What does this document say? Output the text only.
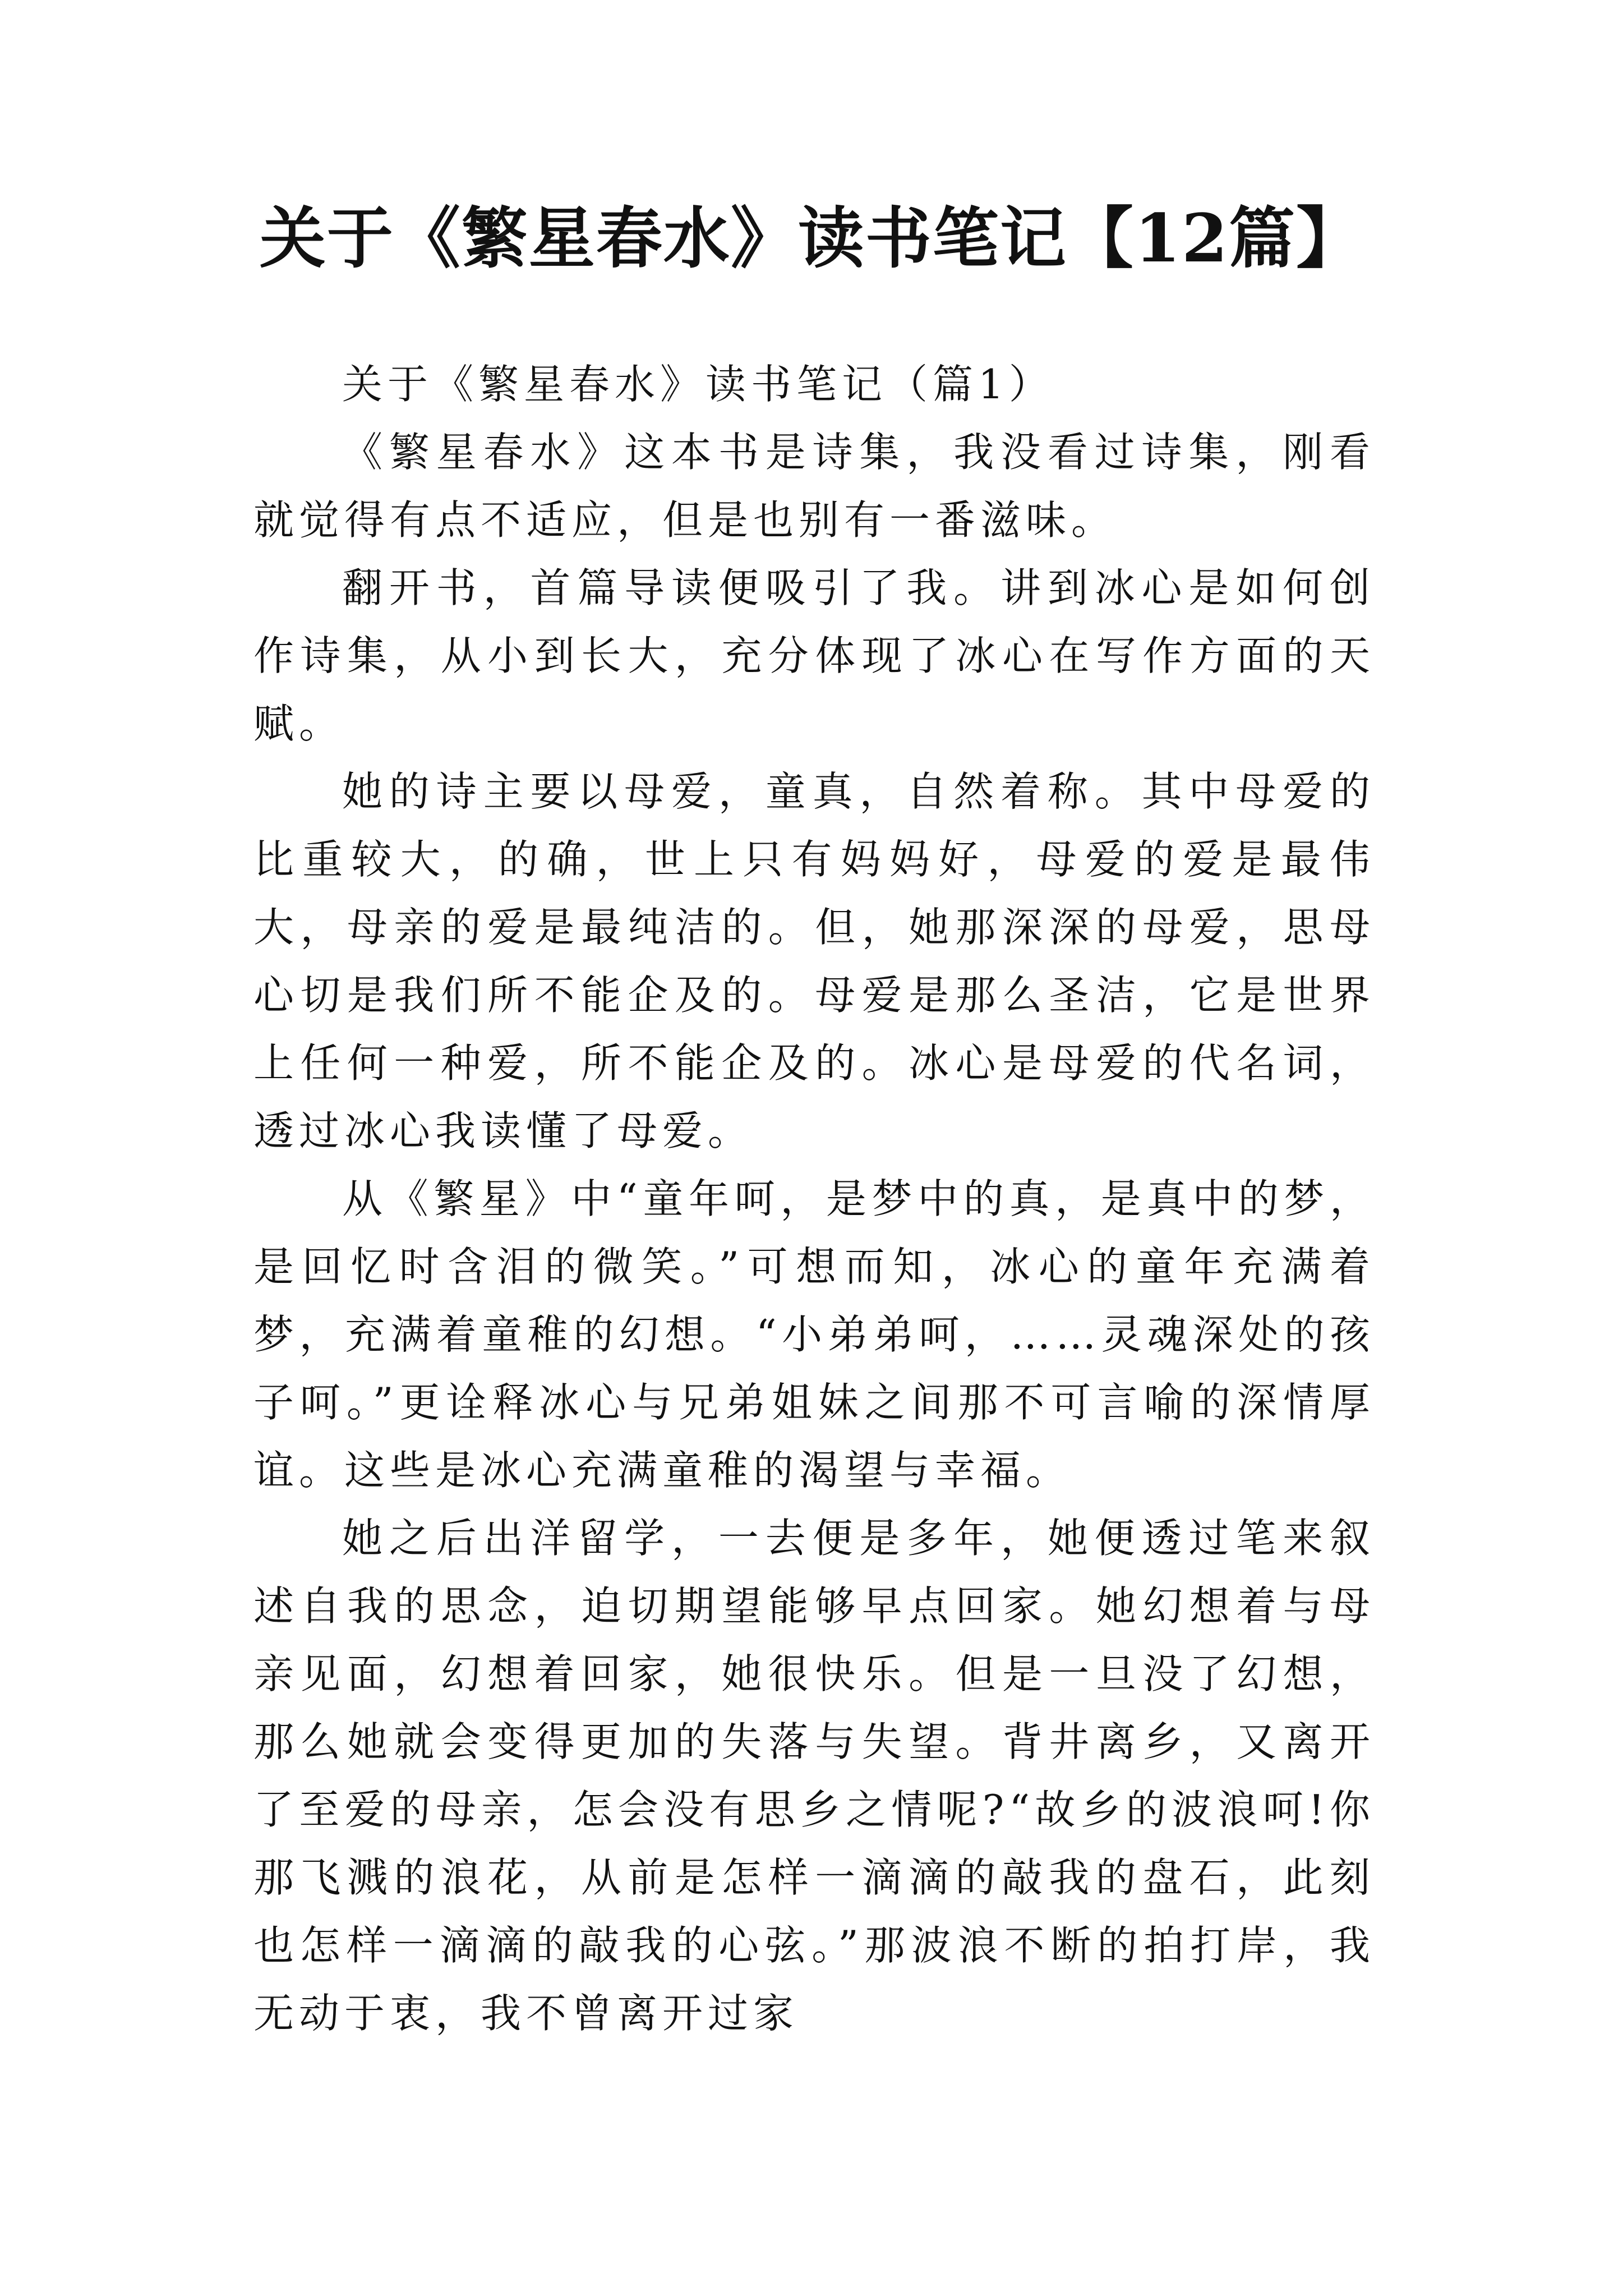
关于《繁星春水》读书笔记【12篇】

关于《繁星春水》读书笔记（篇1）

《繁星春水》这本书是诗集，我没看过诗集，刚看就觉得有点不适应，但是也别有一番滋味。

翻开书，首篇导读便吸引了我。讲到冰心是如何创作诗集，从小到长大，充分体现了冰心在写作方面的天赋。

她的诗主要以母爱，童真，自然着称。其中母爱的比重较大，的确，世上只有妈妈好，母爱的爱是最伟大，母亲的爱是最纯洁的。但，她那深深的母爱，思母心切是我们所不能企及的。母爱是那么圣洁，它是世界上任何一种爱，所不能企及的。冰心是母爱的代名词，透过冰心我读懂了母爱。

从《繁星》中“童年呵，是梦中的真，是真中的梦，是回忆时含泪的微笑。”可想而知，冰心的童年充满着梦，充满着童稚的幻想。“小弟弟呵，……灵魂深处的孩子呵。”更诠释冰心与兄弟姐妹之间那不可言喻的深情厚谊。这些是冰心充满童稚的渴望与幸福。

她之后出洋留学，一去便是多年，她便透过笔来叙述自我的思念，迫切期望能够早点回家。她幻想着与母亲见面，幻想着回家，她很快乐。但是一旦没了幻想，那么她就会变得更加的失落与失望。背井离乡，又离开了至爱的母亲，怎会没有思乡之情呢?“故乡的波浪呵!你那飞溅的浪花，从前是怎样一滴滴的敲我的盘石，此刻也怎样一滴滴的敲我的心弦。”那波浪不断的拍打岸，我无动于衷，我不曾离开过家
